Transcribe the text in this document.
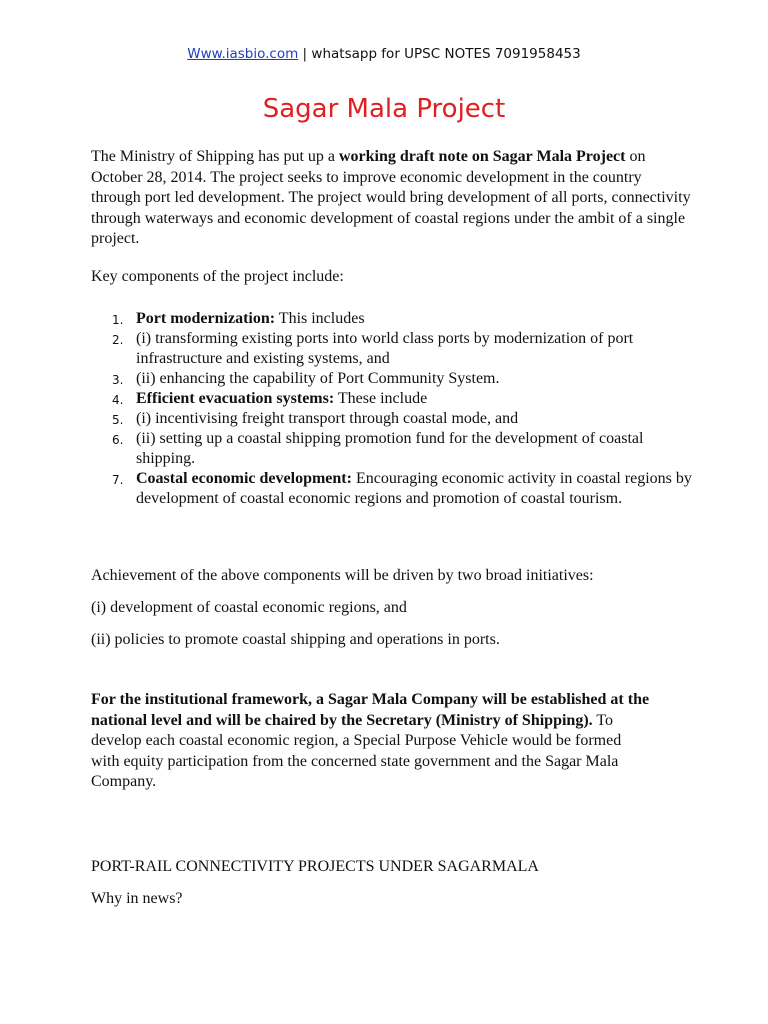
Www.iasbio.com | whatsapp for UPSC NOTES 7091958453
Sagar Mala Project

The Ministry of Shipping has put up a working draft note on Sagar Mala Project on October 28, 2014. The project seeks to improve economic development in the country through port led development. The project would bring development of all ports, connectivity through waterways and economic development of coastal regions under the ambit of a single project.

Key components of the project include:

1. Port modernization: This includes
2. (i) transforming existing ports into world class ports by modernization of port infrastructure and existing systems, and
3. (ii) enhancing the capability of Port Community System.
4. Efficient evacuation systems: These include
5. (i) incentivising freight transport through coastal mode, and
6. (ii) setting up a coastal shipping promotion fund for the development of coastal shipping.
7. Coastal economic development: Encouraging economic activity in coastal regions by development of coastal economic regions and promotion of coastal tourism.

Achievement of the above components will be driven by two broad initiatives:

(i) development of coastal economic regions, and

(ii) policies to promote coastal shipping and operations in ports.

For the institutional framework, a Sagar Mala Company will be established at the national level and will be chaired by the Secretary (Ministry of Shipping). To develop each coastal economic region, a Special Purpose Vehicle would be formed with equity participation from the concerned state government and the Sagar Mala Company.

PORT-RAIL CONNECTIVITY PROJECTS UNDER SAGARMALA

Why in news?
